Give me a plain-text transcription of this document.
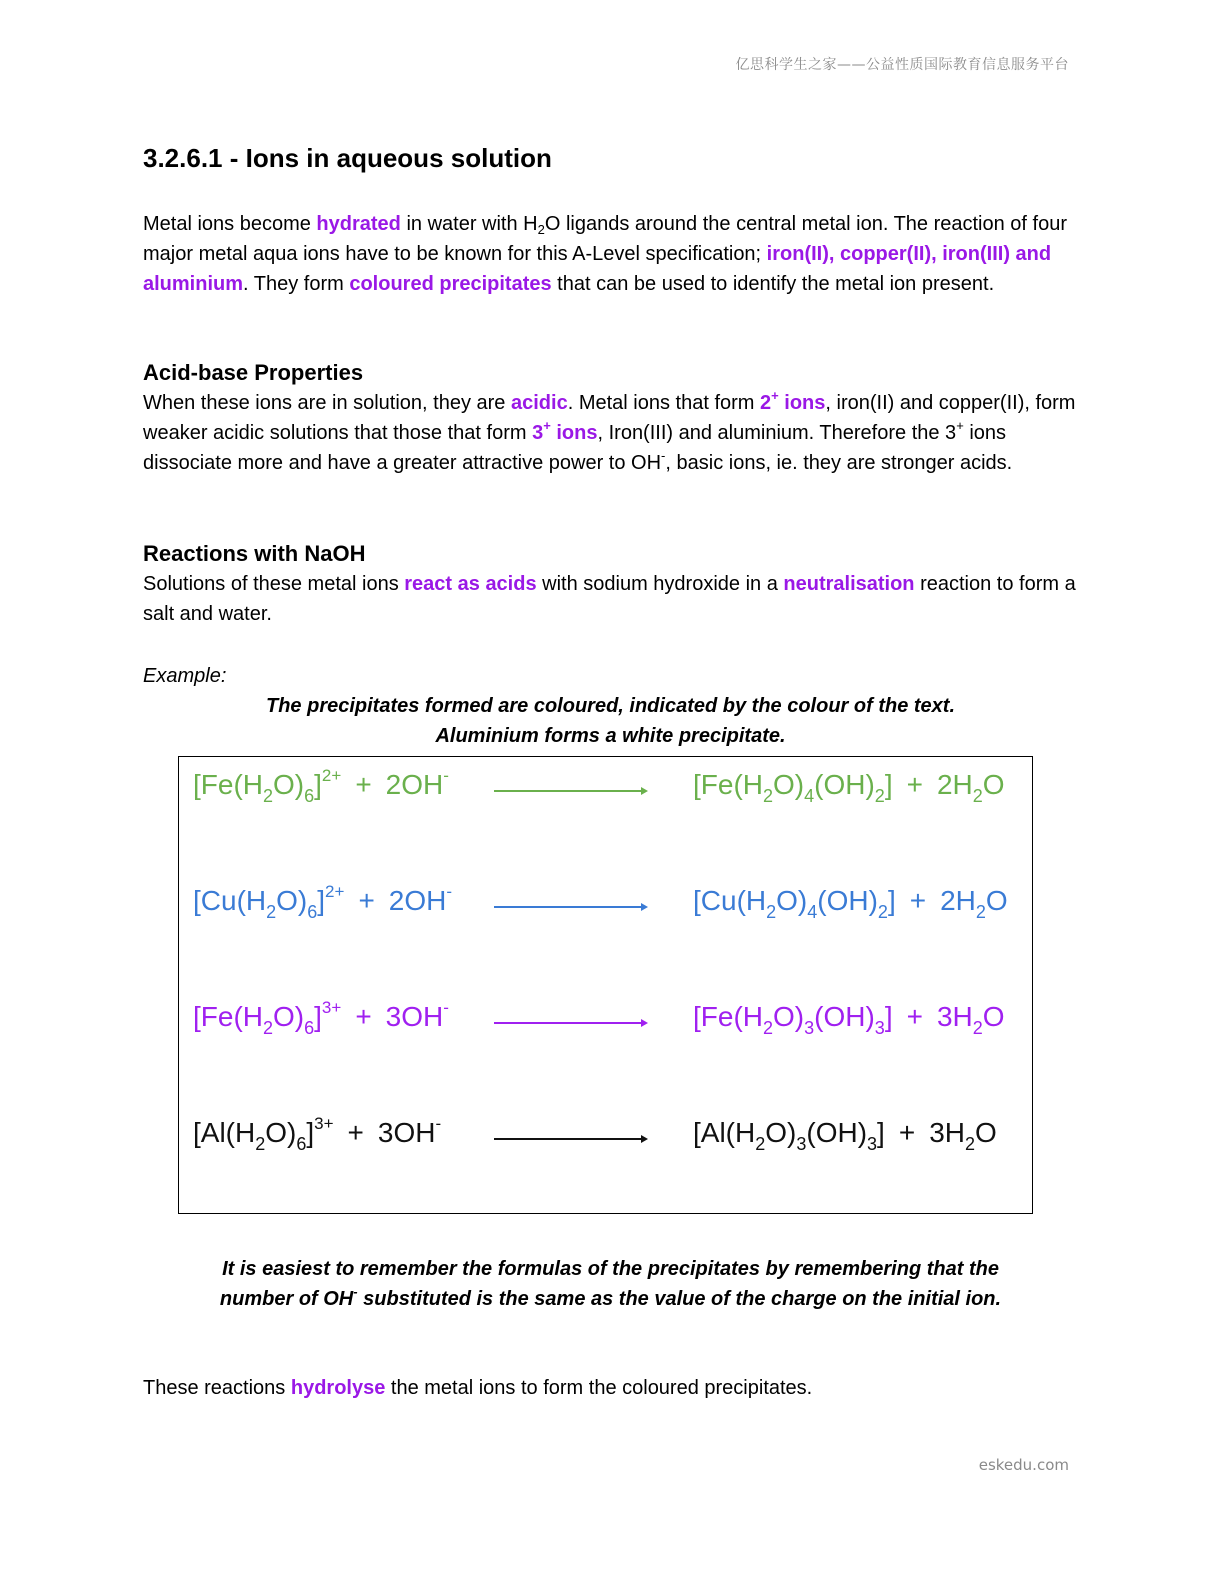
亿思科学生之家——公益性质国际教育信息服务平台
3.2.6.1 - Ions in aqueous solution

Metal ions become hydrated in water with $H_2O$ ligands around the central metal ion. The reaction of four major metal aqua ions have to be known for this A-Level specification; iron(II), copper(II), iron(III) and aluminium. They form coloured precipitates that can be used to identify the metal ion present.

Acid-base Properties

When these ions are in solution, they are acidic. Metal ions that form 2+ ions, iron(II) and copper(II), form weaker acidic solutions that those that form 3+ ions, Iron(III) and aluminium. Therefore the 3+ ions dissociate more and have a greater attractive power to OH-, basic ions, ie. they are stronger acids.

Reactions with NaOH

Solutions of these metal ions react as acids with sodium hydroxide in a neutralisation reaction to form a salt and water.

Example:

The precipitates formed are coloured, indicated by the colour of the text.
Aluminium forms a white precipitate.
It is easiest to remember the formulas of the precipitates by remembering that the
number of OH- substituted is the same as the value of the charge on the initial ion.

These reactions hydrolyse the metal ions to form the coloured precipitates.

$[Fe(H_2O)_6]^{2+} + 2OH^-$	$[Fe(H_2O)_4(OH)_2] + 2H_2O$
$[Cu(H_2O)_6]^{2+} + 2OH^-$	$[Cu(H_2O)_4(OH)_2] + 2H_2O$
$[Fe(H_2O)_6]^{3+} + 3OH^-$	$[Fe(H_2O)_3(OH)_3] + 3H_2O$
$[Al(H_2O)_6]^{3+} + 3OH^-$	$[Al(H_2O)_3(OH)_3] + 3H_2O$
eskedu.com
